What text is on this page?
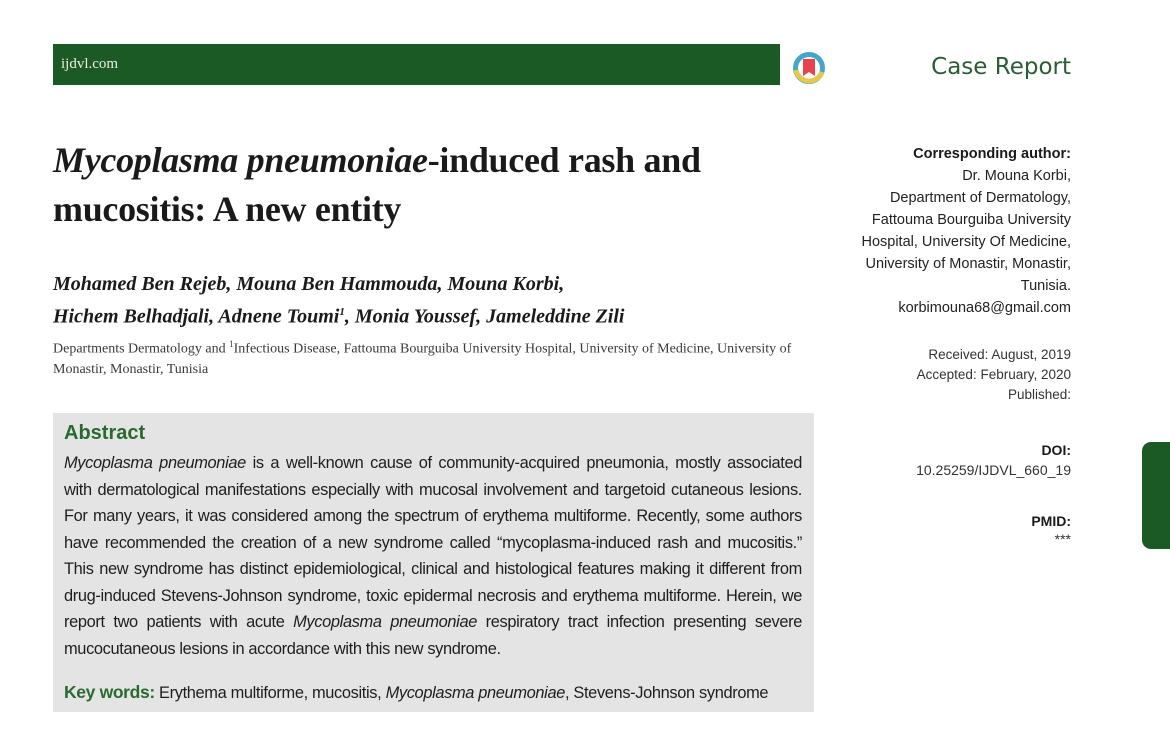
ijdvl.com	Case Report
Mycoplasma pneumoniae-induced rash and
mucositis: A new entity
Mohamed Ben Rejeb, Mouna Ben Hammouda, Mouna Korbi,
Hichem Belhadjali, Adnene Toumi$^1$, Monia Youssef, Jameleddine Zili
Departments Dermatology and $^1$Infectious Disease, Fattouma Bourguiba University Hospital, University of Medicine, University of Monastir, Monastir, Tunisia
Corresponding author:
Dr. Mouna Korbi,
Department of Dermatology,
Fattouma Bourguiba University
Hospital, University Of Medicine,
University of Monastir, Monastir,
Tunisia.
korbimouna68@gmail.com
Received: August, 2019
Accepted: February, 2020
Published:
DOI:
10.25259/IJDVL_660_19
PMID:
***
Abstract
Mycoplasma pneumoniae is a well-known cause of community-acquired pneumonia, mostly associated with dermatological manifestations especially with mucosal involvement and targetoid cutaneous lesions. For many years, it was considered among the spectrum of erythema multiforme. Recently, some authors have recommended the creation of a new syndrome called “mycoplasma-induced rash and mucositis.” This new syndrome has distinct epidemiological, clinical and histological features making it different from drug-induced Stevens-Johnson syndrome, toxic epidermal necrosis and erythema multiforme. Herein, we report two patients with acute Mycoplasma pneumoniae respiratory tract infection presenting severe mucocutaneous lesions in accordance with this new syndrome.
Key words: Erythema multiforme, mucositis, Mycoplasma pneumoniae, Stevens-Johnson syndrome
